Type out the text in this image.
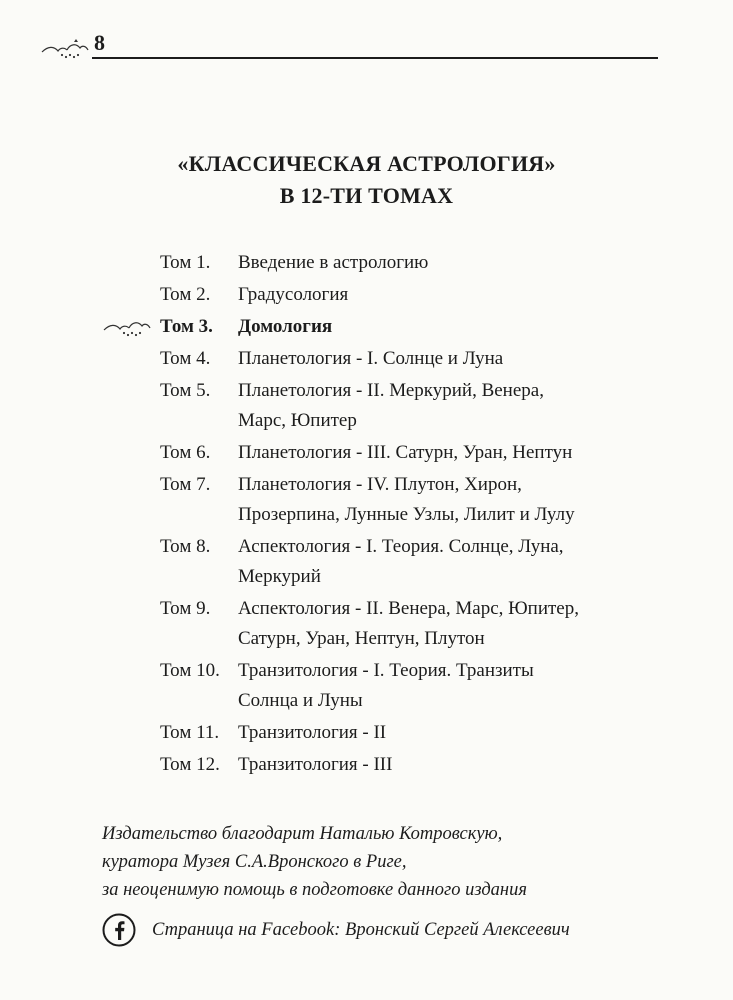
8
«КЛАССИЧЕСКАЯ АСТРОЛОГИЯ»
В 12-ТИ ТОМАХ
Том 1.	Введение в астрологию
Том 2.	Градусология
Том 3.	Домология
Том 4.	Планетология - I. Солнце и Луна
Том 5.	Планетология - II. Меркурий, Венера,
Марс, Юпитер
Том 6.	Планетология - III. Сатурн, Уран, Нептун
Том 7.	Планетология - IV. Плутон, Хирон,
Прозерпина, Лунные Узлы, Лилит и Лулу
Том 8.	Аспектология - I. Теория. Солнце, Луна,
Меркурий
Том 9.	Аспектология - II. Венера, Марс, Юпитер,
Сатурн, Уран, Нептун, Плутон
Том 10. Транзитология - I. Теория. Транзиты
Солнца и Луны
Том 11. Транзитология - II
Том 12. Транзитология - III
Издательство благодарит Наталью Котровскую,
куратора Музея С.А.Вронского в Риге,
за неоценимую помощь в подготовке данного издания
Страница на Facebook: Вронский Сергей Алексеевич
